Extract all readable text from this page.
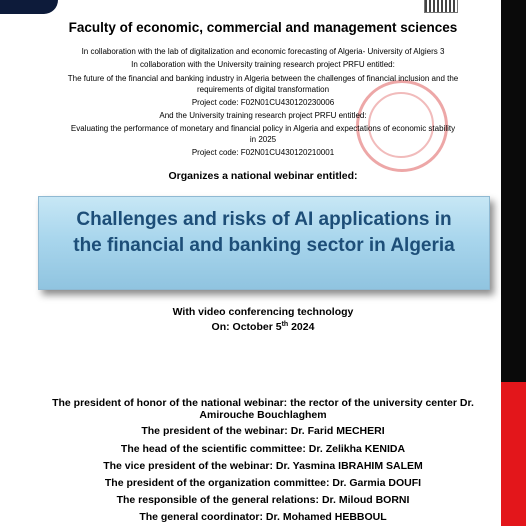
Faculty of economic, commercial and management sciences
In collaboration with the lab of digitalization and economic forecasting of Algeria- University of Algiers 3
In collaboration with the University training research project PRFU entitled:
The future of the financial and banking industry in Algeria between the challenges of financial inclusion and the
requirements of digital transformation
Project code: F02N01CU430120230006
And the University training research project PRFU entitled:
Evaluating the performance of monetary and financial policy in Algeria and expectations of economic stability
in 2025
Project code: F02N01CU430120210001
Organizes a national webinar entitled:
Challenges and risks of AI applications in
the financial and banking sector in Algeria
With video conferencing technology
On: October 5th 2024
The president of honor of the national webinar: the rector of the university center Dr.
Amirouche Bouchlaghem
The president of the webinar: Dr. Farid MECHERI
The head of the scientific committee: Dr. Zelikha KENIDA
The vice president of the webinar: Dr. Yasmina IBRAHIM SALEM
The president of the organization committee: Dr. Garmia DOUFI
The responsible of the general relations: Dr. Miloud BORNI
The general coordinator: Dr. Mohamed HEBBOUL
